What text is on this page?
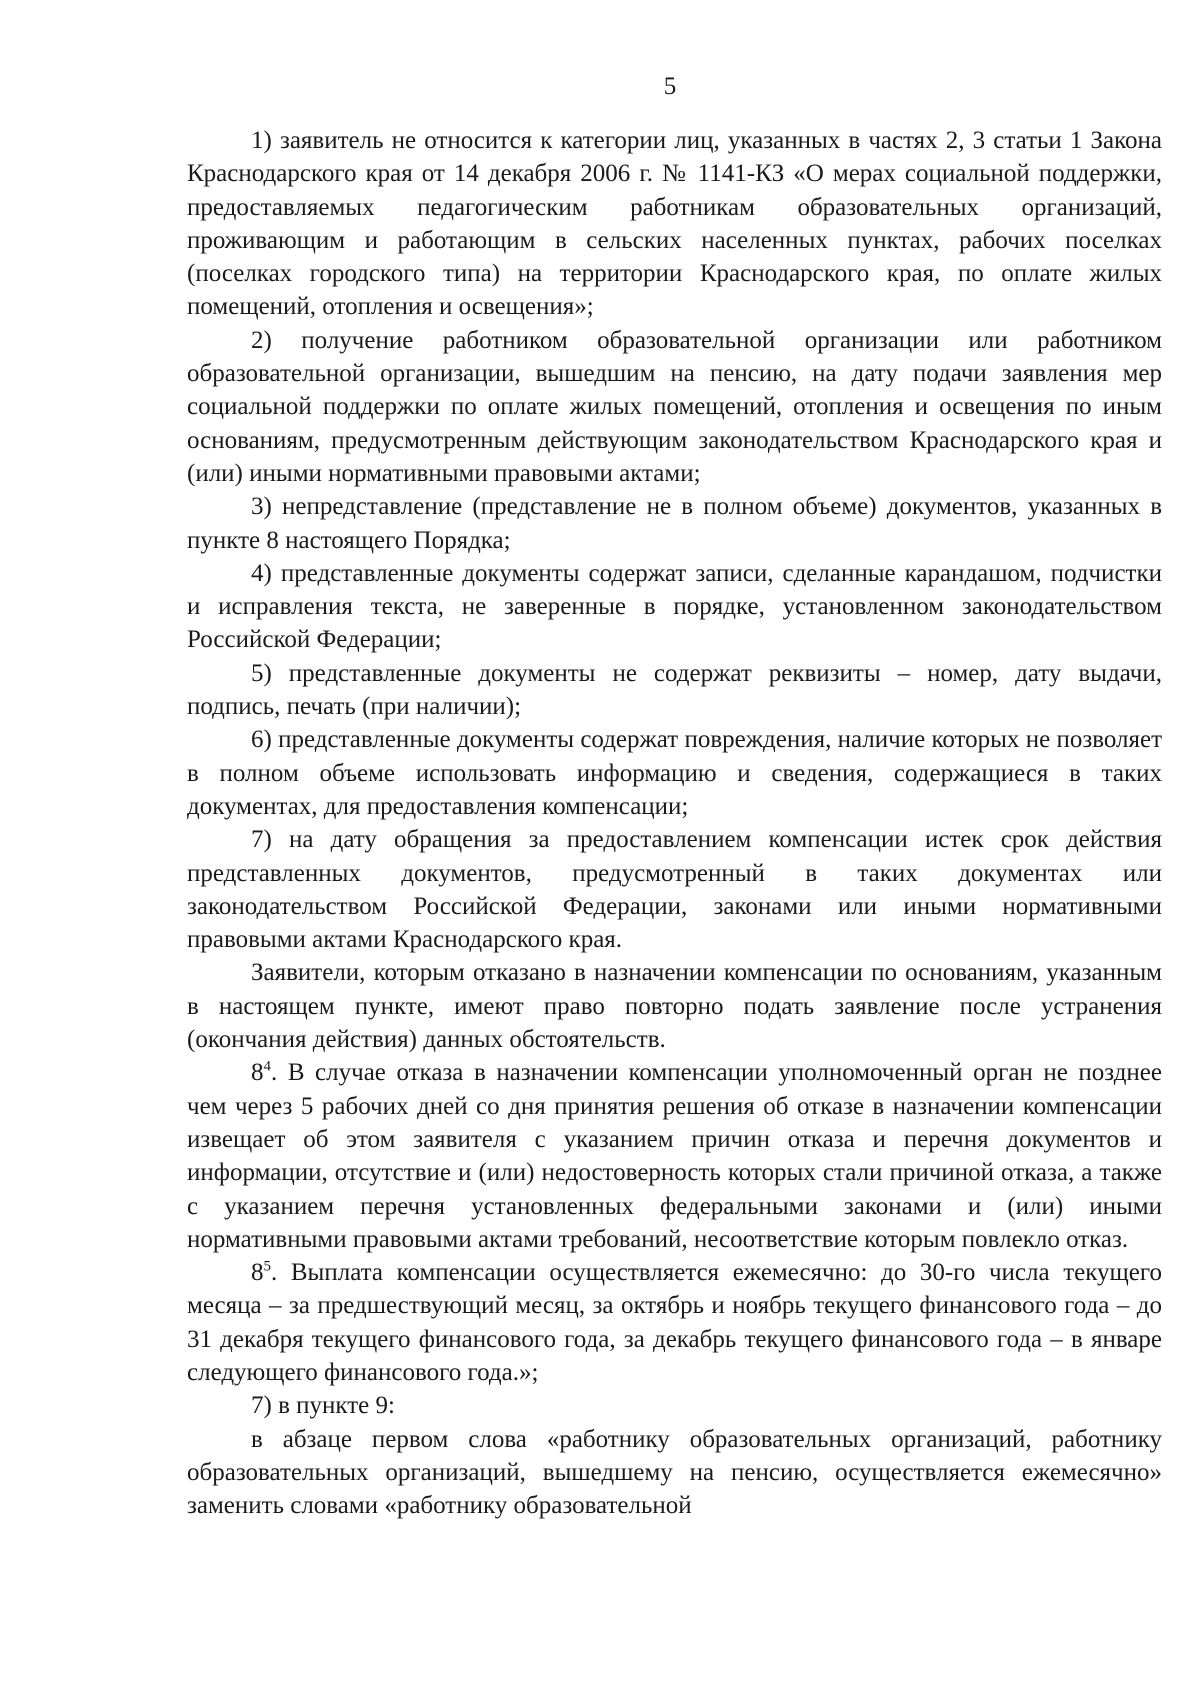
5

1) заявитель не относится к категории лиц, указанных в частях 2, 3 статьи 1 Закона Краснодарского края от 14 декабря 2006 г. № 1141-КЗ «О мерах социальной поддержки, предоставляемых педагогическим работникам образовательных организаций, проживающим и работающим в сельских населенных пунктах, рабочих поселках (поселках городского типа) на территории Краснодарского края, по оплате жилых помещений, отопления и освещения»;

2) получение работником образовательной организации или работником образовательной организации, вышедшим на пенсию, на дату подачи заявления мер социальной поддержки по оплате жилых помещений, отопления и освещения по иным основаниям, предусмотренным действующим законодательством Краснодарского края и (или) иными нормативными правовыми актами;

3) непредставление (представление не в полном объеме) документов, указанных в пункте 8 настоящего Порядка;

4) представленные документы содержат записи, сделанные карандашом, подчистки и исправления текста, не заверенные в порядке, установленном законодательством Российской Федерации;

5) представленные документы не содержат реквизиты – номер, дату выдачи, подпись, печать (при наличии);

6) представленные документы содержат повреждения, наличие которых не позволяет в полном объеме использовать информацию и сведения, содержащиеся в таких документах, для предоставления компенсации;

7) на дату обращения за предоставлением компенсации истек срок действия представленных документов, предусмотренный в таких документах или законодательством Российской Федерации, законами или иными нормативными правовыми актами Краснодарского края.

Заявители, которым отказано в назначении компенсации по основаниям, указанным в настоящем пункте, имеют право повторно подать заявление после устранения (окончания действия) данных обстоятельств.

$8^4$. В случае отказа в назначении компенсации уполномоченный орган не позднее чем через 5 рабочих дней со дня принятия решения об отказе в назначении компенсации извещает об этом заявителя с указанием причин отказа и перечня документов и информации, отсутствие и (или) недостоверность которых стали причиной отказа, а также с указанием перечня установленных федеральными законами и (или) иными нормативными правовыми актами требований, несоответствие которым повлекло отказ.

$8^5$. Выплата компенсации осуществляется ежемесячно: до 30-го числа текущего месяца – за предшествующий месяц, за октябрь и ноябрь текущего финансового года – до 31 декабря текущего финансового года, за декабрь текущего финансового года – в январе следующего финансового года.»;

7) в пункте 9:

в абзаце первом слова «работнику образовательных организаций, работнику образовательных организаций, вышедшему на пенсию, осуществляется ежемесячно» заменить словами «работнику образовательной
